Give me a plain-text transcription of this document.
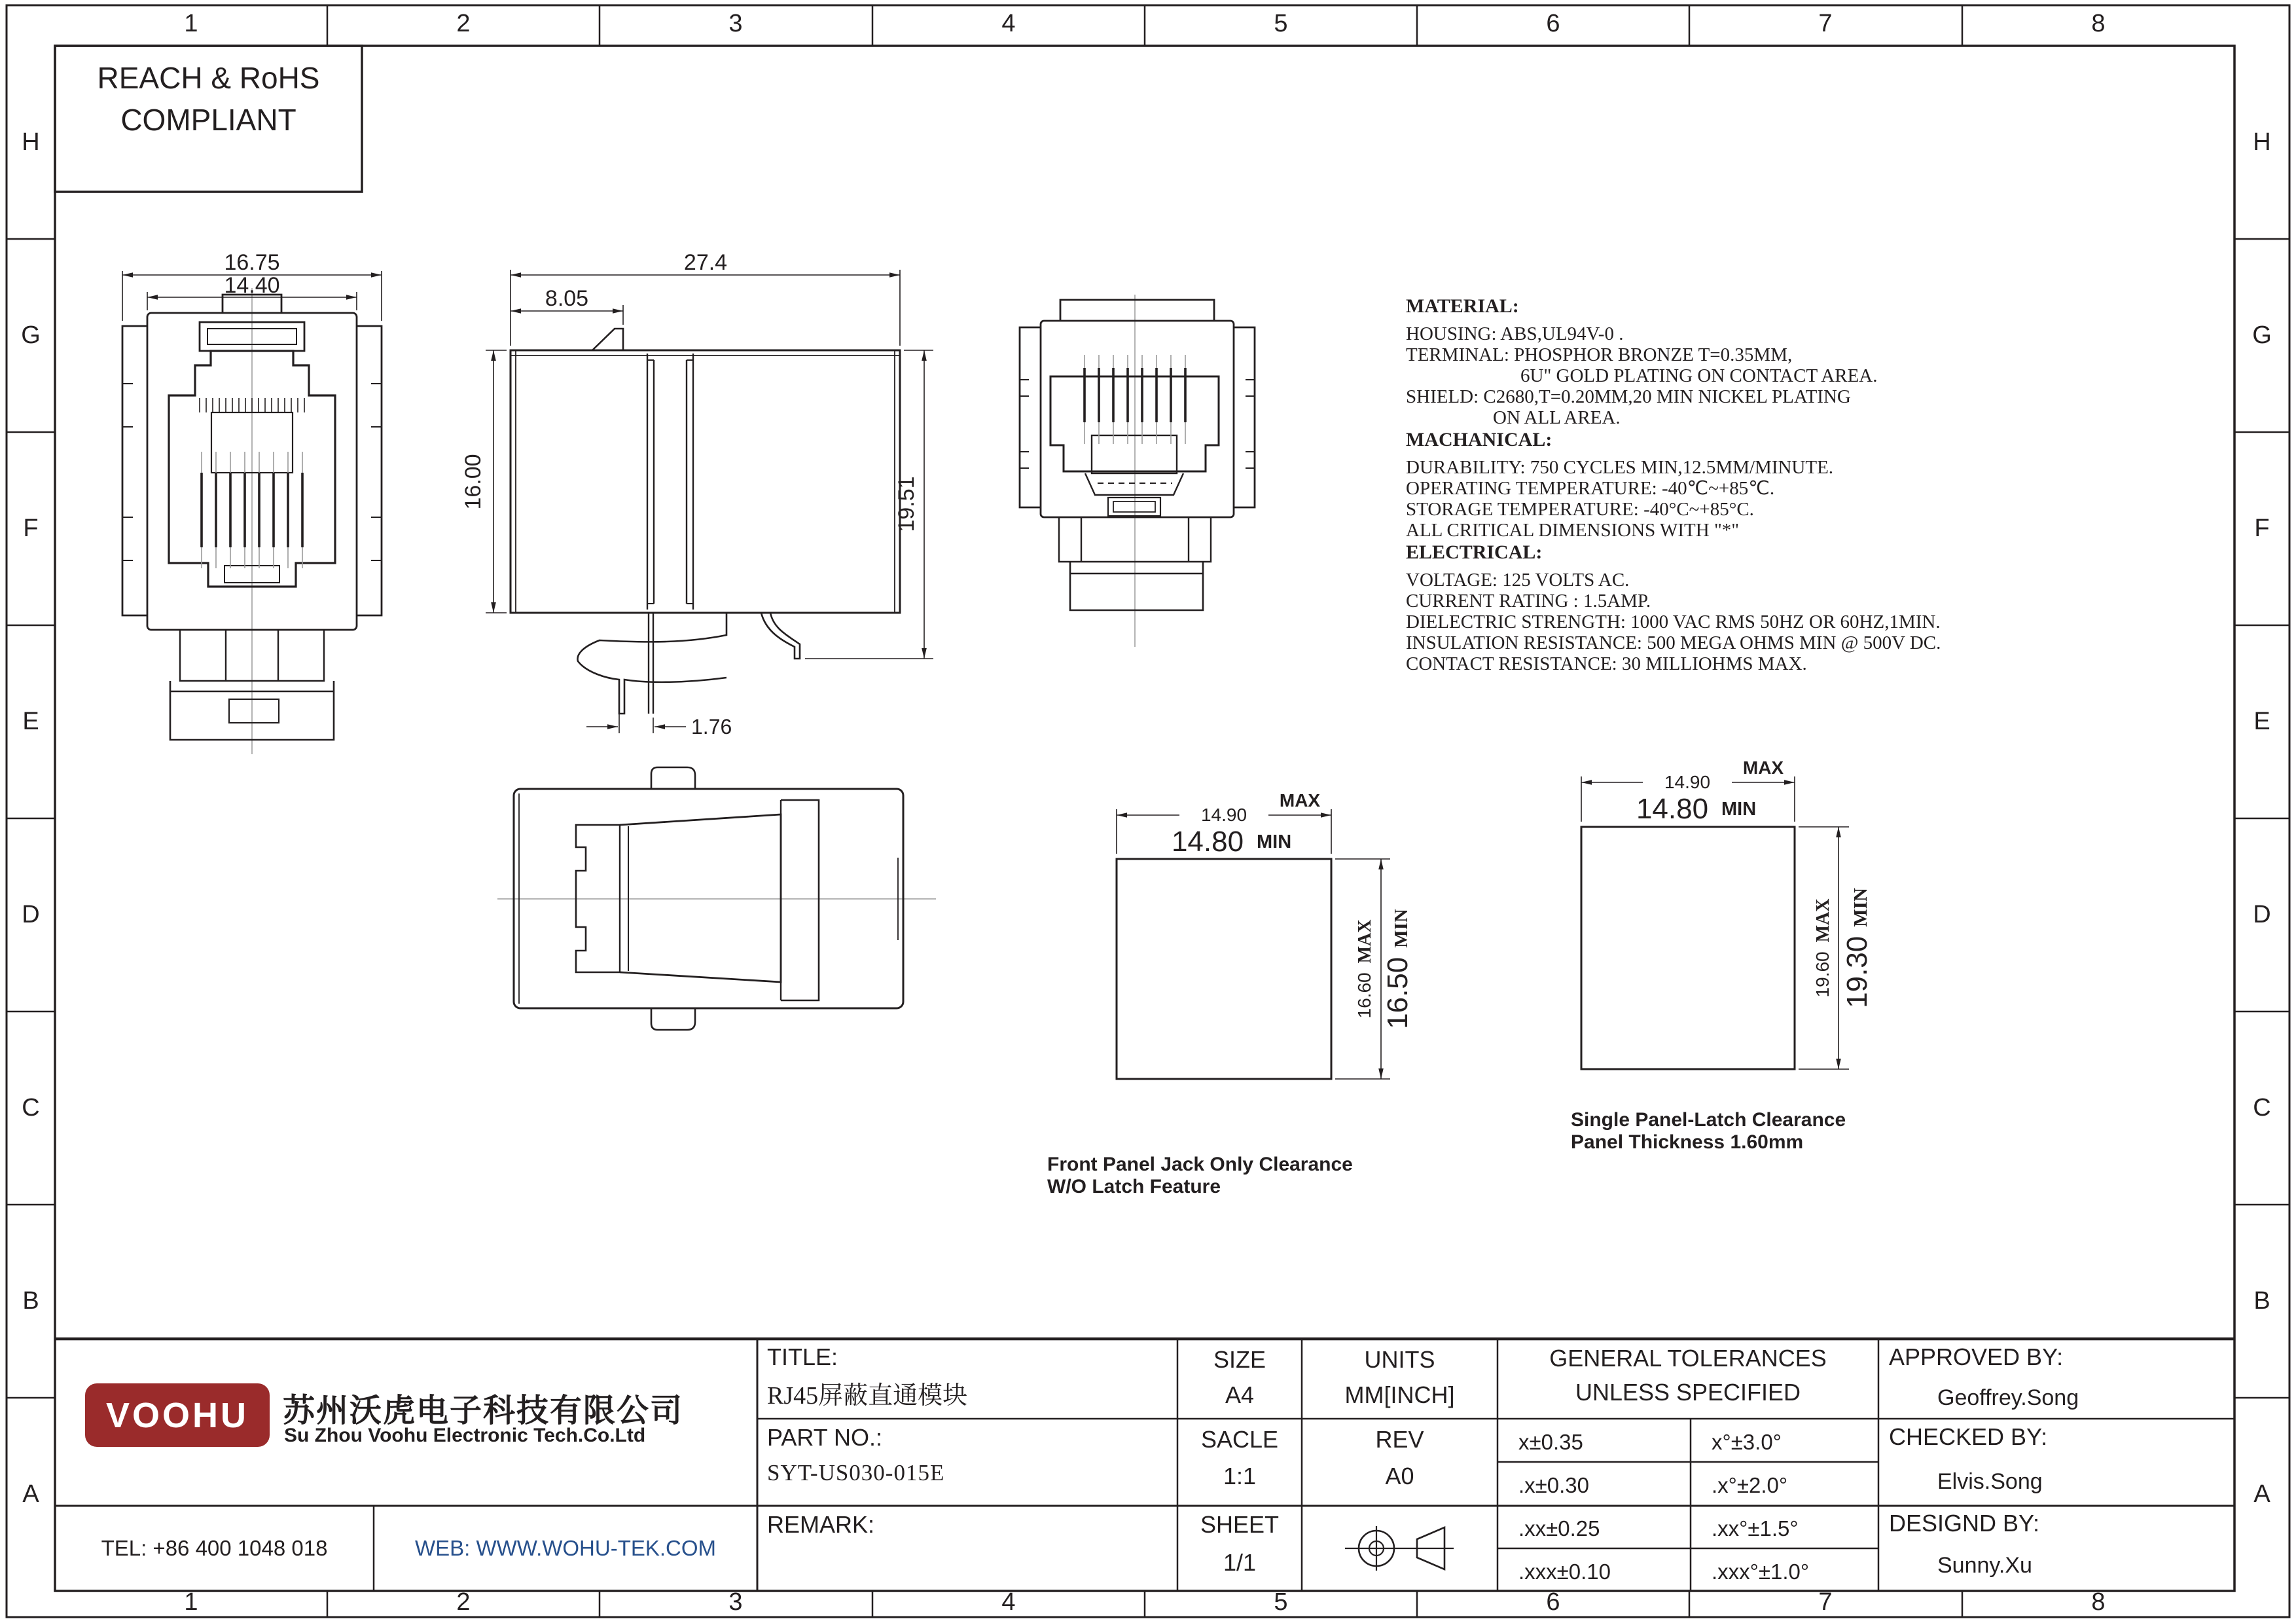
1	2	3	4	5	6	7	8
1	2	3	4	5	6	7	8
H
G
F
E
D
C
B
A
H
G
F
E
D
C
B
A
REACH & RoHS
COMPLIANT
16.75
14.40
27.4
8.05
16.00	19.51
1.76
14.90
MAX
14.80 MIN
16.60MAX
16.50MIN
Front Panel Jack Only Clearance
W/O Latch Feature
14.90
MAX
14.80 MIN
19.60MAX
19.30MIN
Single Panel-Latch Clearance
Panel Thickness 1.60mm
MATERIAL:
HOUSING: ABS,UL94V-0 .
TERMINAL: PHOSPHOR BRONZE T=0.35MM,
6U" GOLD PLATING ON CONTACT AREA.
SHIELD: C2680,T=0.20MM,20 MIN NICKEL PLATING
ON ALL AREA.
MACHANICAL:
DURABILITY: 750 CYCLES MIN,12.5MM/MINUTE.
OPERATING TEMPERATURE: -40℃~+85℃.
STORAGE TEMPERATURE: -40°C~+85°C.
ALL CRITICAL DIMENSIONS WITH "*"
ELECTRICAL:
VOLTAGE: 125 VOLTS AC.
CURRENT RATING : 1.5AMP.
DIELECTRIC STRENGTH: 1000 VAC RMS 50HZ OR 60HZ,1MIN.
INSULATION RESISTANCE: 500 MEGA OHMS MIN @ 500V DC.
CONTACT RESISTANCE: 30 MILLIOHMS MAX.
VOOHU 苏州沃虎电子科技有限公司
Su Zhou Voohu Electronic Tech.Co.Ltd
TEL: +86 400 1048 018	WEB: WWW.WOHU-TEK.COM
TITLE:
RJ45屏蔽直通模块
PART NO.:
SYT-US030-015E
REMARK:
SIZE
A4
SACLE
1:1
SHEET
1/1
UNITS
MM[INCH]
REV
A0
GENERAL TOLERANCES
UNLESS SPECIFIED
x±0.35	x°±3.0°
.x±0.30	.x°±2.0°
.xx±0.25	.xx°±1.5°
.xxx±0.10	.xxx°±1.0°
APPROVED BY:
Geoffrey.Song
CHECKED BY:
Elvis.Song
DESIGND BY:
Sunny.Xu
